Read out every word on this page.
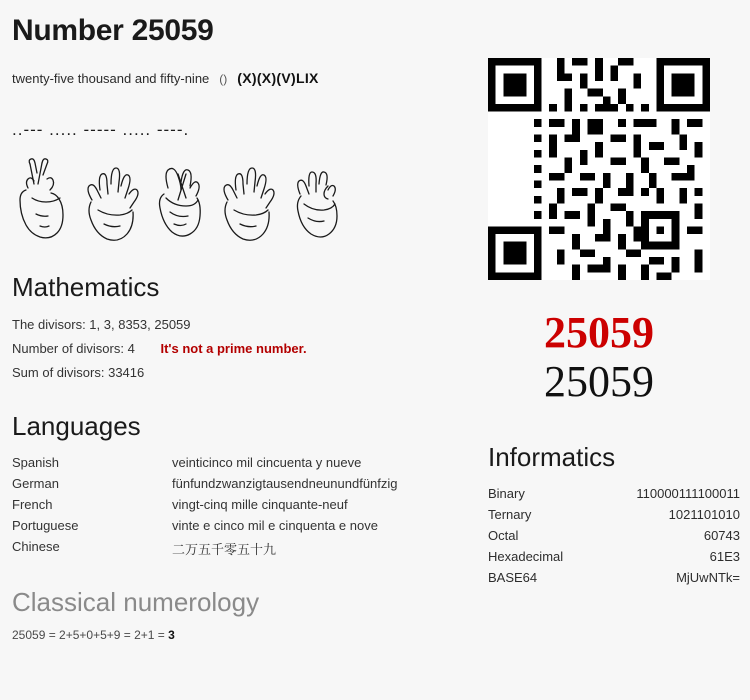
Number 25059
twenty-five thousand and fifty-nine () (X)(X)(V)LIX
..--- ..... ----- ..... ----.
Mathematics
The divisors: 1, 3, 8353, 25059
Number of divisors: 4 It's not a prime number.
Sum of divisors: 33416
Languages
Spanish	veinticinco mil cincuenta y nueve
German	fünfundzwanzigtausendneunundfünfzig
French	vingt-cinq mille cinquante-neuf
Portuguese	vinte e cinco mil e cinquenta e nove
Chinese	二万五千零五十九
Classical numerology
25059 = 2+5+0+5+9 = 2+1 = 3
25059
25059
Informatics
Binary	110000111100011
Ternary	1021101010
Octal	60743
Hexadecimal	61E3
BASE64	MjUwNTk=
